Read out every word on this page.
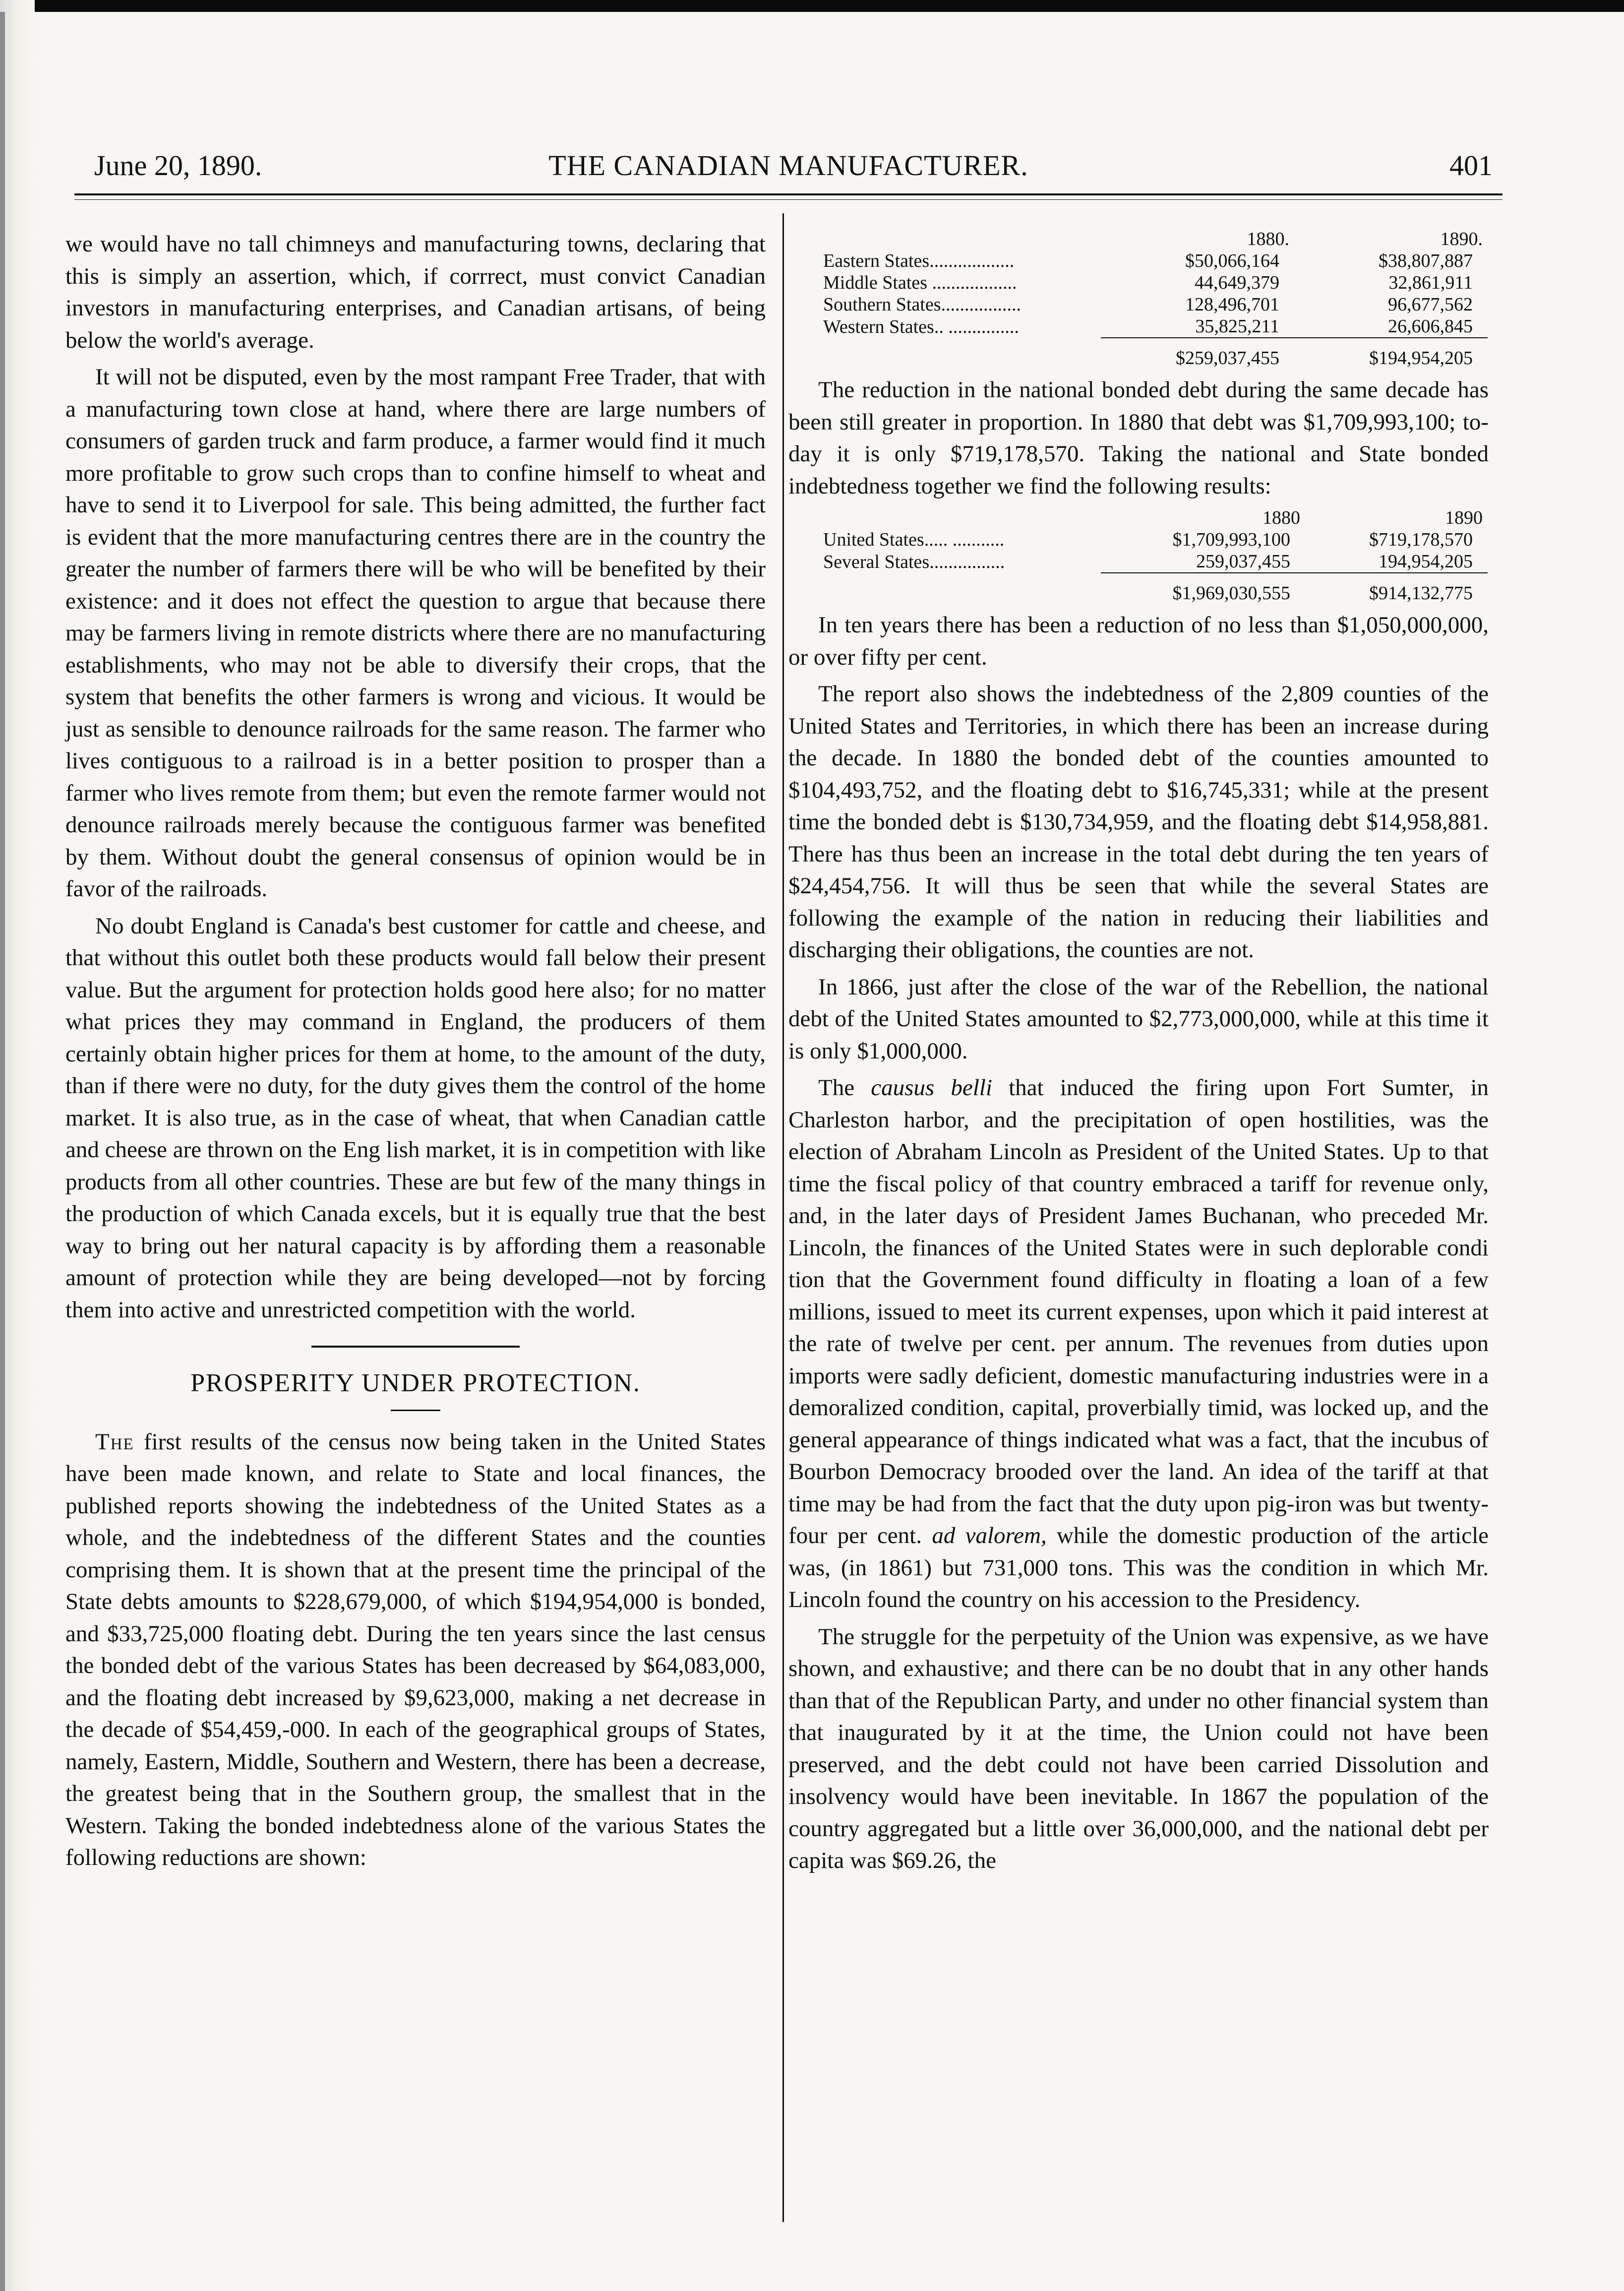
June 20, 1890.	THE CANADIAN MANUFACTURER.	401

we would have no tall chimneys and manufacturing towns, declaring that this is simply an assertion, which, if corrrect, must convict Canadian investors in manufacturing enterprises, and Canadian artisans, of being below the world's average.

It will not be disputed, even by the most rampant Free Trader, that with a manufacturing town close at hand, where there are large numbers of consumers of garden truck and farm produce, a farmer would find it much more profitable to grow such crops than to confine himself to wheat and have to send it to Liverpool for sale. This being admitted, the further fact is evident that the more manufacturing centres there are in the country the greater the number of farmers there will be who will be benefited by their existence: and it does not effect the question to argue that because there may be farmers living in remote districts where there are no manufacturing establishments, who may not be able to diversify their crops, that the system that benefits the other farmers is wrong and vicious. It would be just as sensible to denounce railroads for the same reason. The farmer who lives contiguous to a railroad is in a better position to prosper than a farmer who lives remote from them; but even the remote farmer would not denounce railroads merely because the contiguous farmer was benefited by them. Without doubt the general consensus of opinion would be in favor of the railroads.

No doubt England is Canada's best customer for cattle and cheese, and that without this outlet both these products would fall below their present value. But the argument for protection holds good here also; for no matter what prices they may command in England, the producers of them certainly obtain higher prices for them at home, to the amount of the duty, than if there were no duty, for the duty gives them the control of the home market. It is also true, as in the case of wheat, that when Canadian cattle and cheese are thrown on the Eng lish market, it is in competition with like products from all other countries. These are but few of the many things in the production of which Canada excels, but it is equally true that the best way to bring out her natural capacity is by affording them a reasonable amount of protection while they are being developed—not by forcing them into active and unrestricted competition with the world.

PROSPERITY UNDER PROTECTION.

The first results of the census now being taken in the United States have been made known, and relate to State and local finances, the published reports showing the indebtedness of the United States as a whole, and the indebtedness of the different States and the counties comprising them. It is shown that at the present time the principal of the State debts amounts to $228,679,000, of which $194,954,000 is bonded, and $33,725,000 floating debt. During the ten years since the last census the bonded debt of the various States has been decreased by $64,083,000, and the floating debt increased by $9,623,000, making a net decrease in the decade of $54,459,-000. In each of the geographical groups of States, namely, Eastern, Middle, Southern and Western, there has been a decrease, the greatest being that in the Southern group, the smallest that in the Western. Taking the bonded indebtedness alone of the various States the following reductions are shown:

	1880.	1890.
Eastern States..................	$50,066,164	$38,807,887
Middle States ..................	44,649,379	32,861,911
Southern States.................	128,496,701	96,677,562
Western States.. ...............	35,825,211	26,606,845
	$259,037,455	$194,954,205

The reduction in the national bonded debt during the same decade has been still greater in proportion. In 1880 that debt was $1,709,993,100; to-day it is only $719,178,570. Taking the national and State bonded indebtedness together we find the following results:

	1880	1890
United States..... ...........	$1,709,993,100	$719,178,570
Several States................	259,037,455	194,954,205
	$1,969,030,555	$914,132,775

In ten years there has been a reduction of no less than $1,050,000,000, or over fifty per cent.

The report also shows the indebtedness of the 2,809 counties of the United States and Territories, in which there has been an increase during the decade. In 1880 the bonded debt of the counties amounted to $104,493,752, and the floating debt to $16,745,331; while at the present time the bonded debt is $130,734,959, and the floating debt $14,958,881. There has thus been an increase in the total debt during the ten years of $24,454,756. It will thus be seen that while the several States are following the example of the nation in reducing their liabilities and discharging their obligations, the counties are not.

In 1866, just after the close of the war of the Rebellion, the national debt of the United States amounted to $2,773,000,000, while at this time it is only $1,000,000.

The causus belli that induced the firing upon Fort Sumter, in Charleston harbor, and the precipitation of open hostilities, was the election of Abraham Lincoln as President of the United States. Up to that time the fiscal policy of that country embraced a tariff for revenue only, and, in the later days of President James Buchanan, who preceded Mr. Lincoln, the finances of the United States were in such deplorable condi tion that the Government found difficulty in floating a loan of a few millions, issued to meet its current expenses, upon which it paid interest at the rate of twelve per cent. per annum. The revenues from duties upon imports were sadly deficient, domestic manufacturing industries were in a demoralized condition, capital, proverbially timid, was locked up, and the general appearance of things indicated what was a fact, that the incubus of Bourbon Democracy brooded over the land. An idea of the tariff at that time may be had from the fact that the duty upon pig-iron was but twenty-four per cent. ad valorem, while the domestic production of the article was, (in 1861) but 731,000 tons. This was the condition in which Mr. Lincoln found the country on his accession to the Presidency.

The struggle for the perpetuity of the Union was expensive, as we have shown, and exhaustive; and there can be no doubt that in any other hands than that of the Republican Party, and under no other financial system than that inaugurated by it at the time, the Union could not have been preserved, and the debt could not have been carried Dissolution and insolvency would have been inevitable. In 1867 the population of the country aggregated but a little over 36,000,000, and the national debt per capita was $69.26, the
